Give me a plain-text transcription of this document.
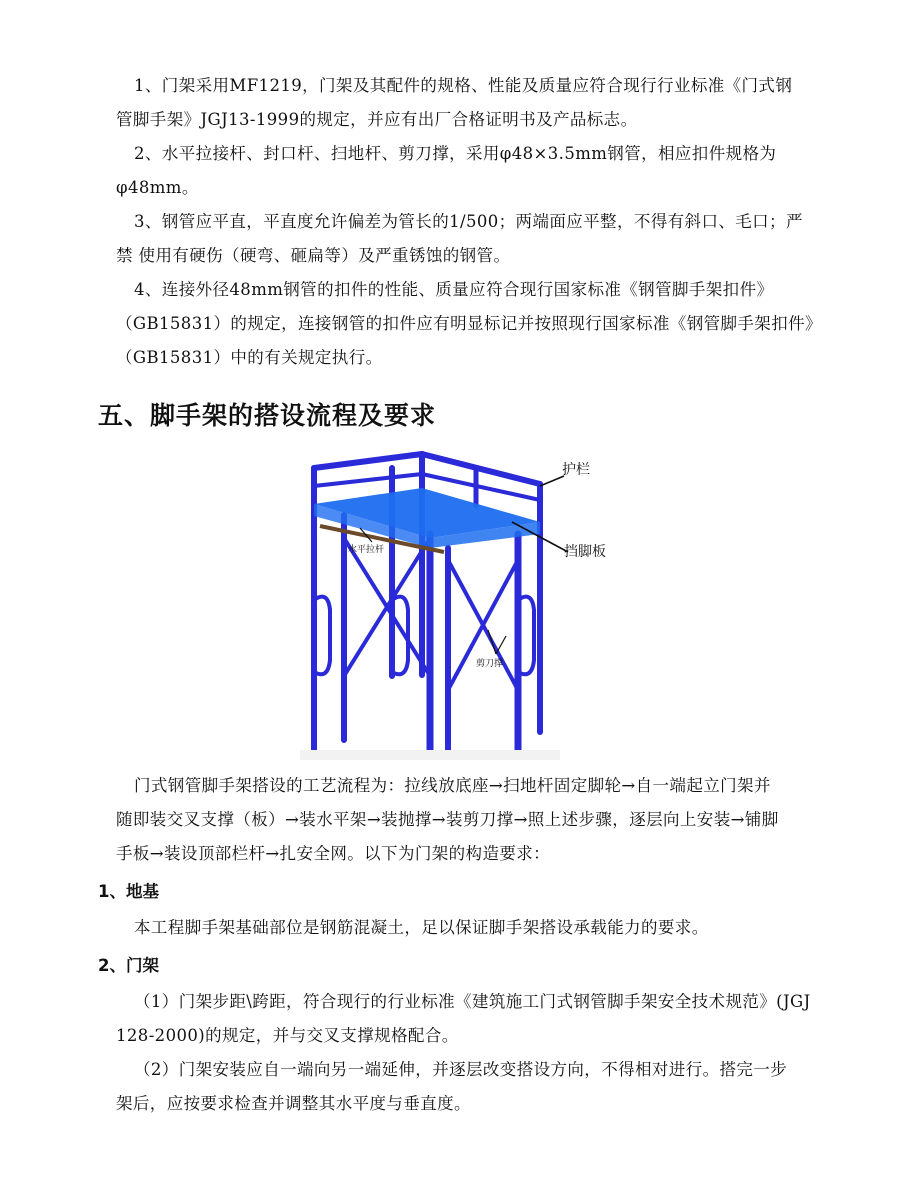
1、门架采用MF1219，门架及其配件的规格、性能及质量应符合现行行业标准《门式钢
管脚手架》JGJ13-1999的规定，并应有出厂合格证明书及产品标志。
2、水平拉接杆、封口杆、扫地杆、剪刀撑，采用φ48×3.5mm钢管，相应扣件规格为
φ48mm。
3、钢管应平直，平直度允许偏差为管长的1/500；两端面应平整，不得有斜口、毛口；严
禁 使用有硬伤（硬弯、砸扁等）及严重锈蚀的钢管。
4、连接外径48mm钢管的扣件的性能、质量应符合现行国家标准《钢管脚手架扣件》
（GB15831）的规定，连接钢管的扣件应有明显标记并按照现行国家标准《钢管脚手架扣件》
（GB15831）中的有关规定执行。
五、脚手架的搭设流程及要求
护栏
挡脚板
水平拉杆
剪刀撑
门式钢管脚手架搭设的工艺流程为：拉线放底座→扫地杆固定脚轮→自一端起立门架并
随即装交叉支撑（板）→装水平架→装抛撑→装剪刀撑→照上述步骤，逐层向上安装→铺脚
手板→装设顶部栏杆→扎安全网。以下为门架的构造要求：
1、地基
本工程脚手架基础部位是钢筋混凝土，足以保证脚手架搭设承载能力的要求。
2、门架
（1）门架步距\跨距，符合现行的行业标准《建筑施工门式钢管脚手架安全技术规范》(JGJ
128-2000)的规定，并与交叉支撑规格配合。
（2）门架安装应自一端向另一端延伸，并逐层改变搭设方向，不得相对进行。搭完一步
架后，应按要求检查并调整其水平度与垂直度。
